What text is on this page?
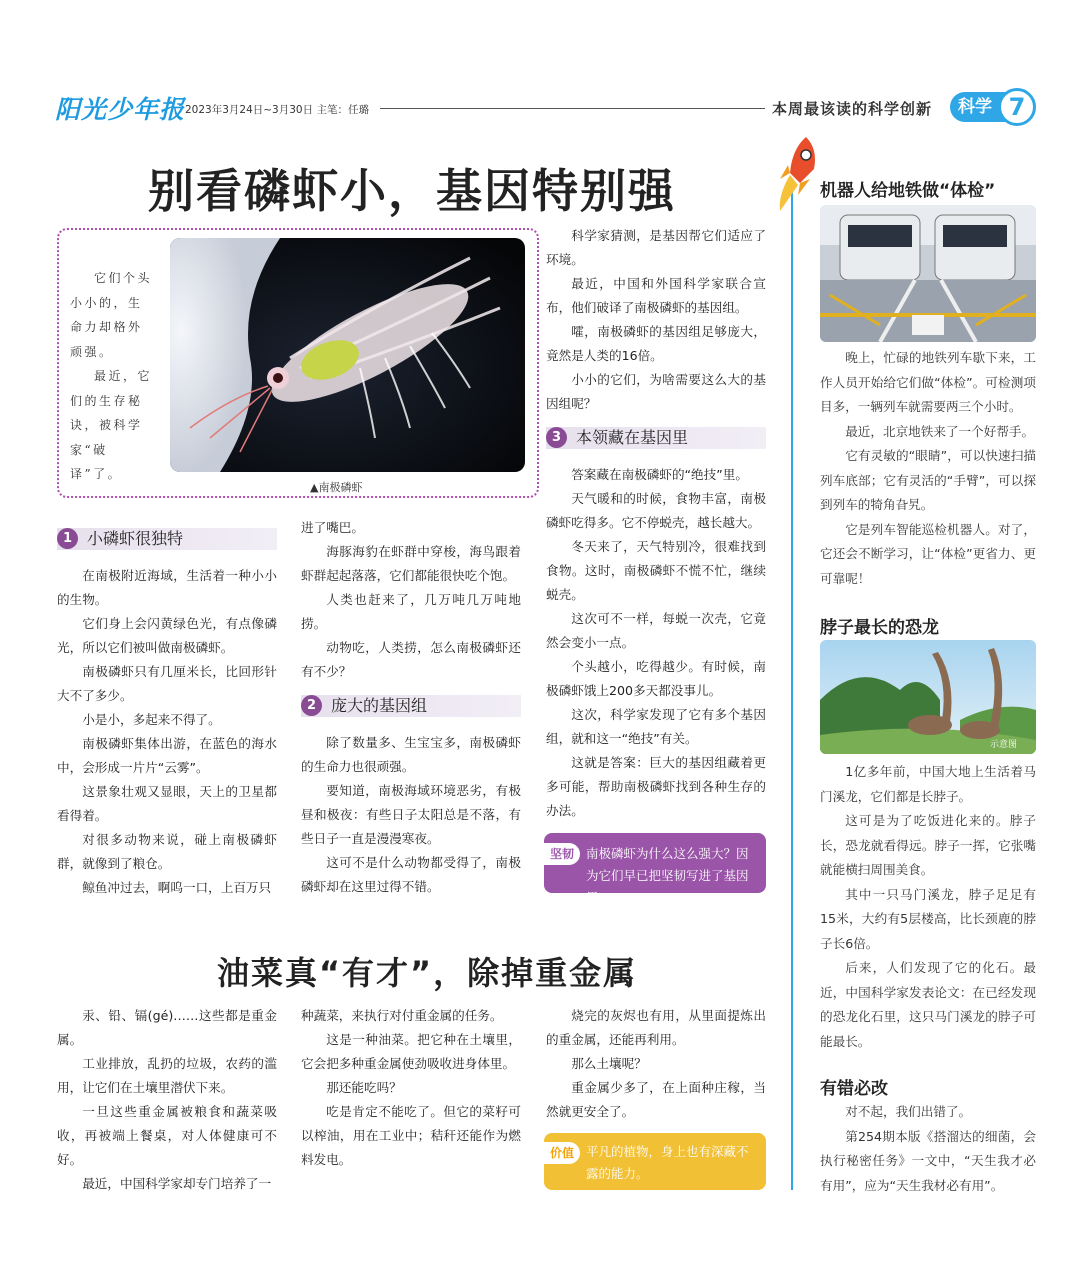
阳光少年报 2023年3月24日~3月30日 主笔：任璐	本周最该读的科学创新	科学 7
别看磷虾小，基因特别强

它们个头小小的，生命力却格外顽强。

最近，它们的生存秘诀，被科学家“破译”了。

▲南极磷虾
1 小磷虾很独特

在南极附近海域，生活着一种小小的生物。

它们身上会闪黄绿色光，有点像磷光，所以它们被叫做南极磷虾。

南极磷虾只有几厘米长，比回形针大不了多少。

小是小，多起来不得了。

南极磷虾集体出游，在蓝色的海水中，会形成一片片“云雾”。

这景象壮观又显眼，天上的卫星都看得着。

对很多动物来说，碰上南极磷虾群，就像到了粮仓。

鲸鱼冲过去，啊呜一口，上百万只

进了嘴巴。

海豚海豹在虾群中穿梭，海鸟跟着虾群起起落落，它们都能很快吃个饱。

人类也赶来了，几万吨几万吨地捞。

动物吃，人类捞，怎么南极磷虾还有不少？

2 庞大的基因组

除了数量多、生宝宝多，南极磷虾的生命力也很顽强。

要知道，南极海域环境恶劣，有极昼和极夜：有些日子太阳总是不落，有些日子一直是漫漫寒夜。

这可不是什么动物都受得了，南极磷虾却在这里过得不错。

科学家猜测，是基因帮它们适应了环境。

最近，中国和外国科学家联合宣布，他们破译了南极磷虾的基因组。

嚯，南极磷虾的基因组足够庞大，竟然是人类的16倍。

小小的它们，为啥需要这么大的基因组呢？

3 本领藏在基因里

答案藏在南极磷虾的“绝技”里。

天气暖和的时候，食物丰富，南极磷虾吃得多。它不停蜕壳，越长越大。

冬天来了，天气特别冷，很难找到食物。这时，南极磷虾不慌不忙，继续蜕壳。

这次可不一样，每蜕一次壳，它竟然会变小一点。

个头越小，吃得越少。有时候，南极磷虾饿上200多天都没事儿。

这次，科学家发现了它有多个基因组，就和这一“绝技”有关。

这就是答案：巨大的基因组藏着更多可能，帮助南极磷虾找到各种生存的办法。

坚韧 南极磷虾为什么这么强大？因为它们早已把坚韧写进了基因里。
油菜真“有才”，除掉重金属

汞、铅、镉(gé)……这些都是重金属。

工业排放，乱扔的垃圾，农药的滥用，让它们在土壤里潜伏下来。

一旦这些重金属被粮食和蔬菜吸收，再被端上餐桌，对人体健康可不好。

最近，中国科学家却专门培养了一

种蔬菜，来执行对付重金属的任务。

这是一种油菜。把它种在土壤里，它会把多种重金属使劲吸收进身体里。

那还能吃吗？

吃是肯定不能吃了。但它的菜籽可以榨油，用在工业中；秸秆还能作为燃料发电。

烧完的灰烬也有用，从里面提炼出的重金属，还能再利用。

那么土壤呢？

重金属少多了，在上面种庄稼，当然就更安全了。

价值 平凡的植物，身上也有深藏不露的能力。
机器人给地铁做“体检”

晚上，忙碌的地铁列车歇下来，工作人员开始给它们做“体检”。可检测项目多，一辆列车就需要两三个小时。

最近，北京地铁来了一个好帮手。

它有灵敏的“眼睛”，可以快速扫描列车底部；它有灵活的“手臂”，可以探到列车的犄角旮旯。

它是列车智能巡检机器人。对了，它还会不断学习，让“体检”更省力、更可靠呢！

脖子最长的恐龙
示意图

1亿多年前，中国大地上生活着马门溪龙，它们都是长脖子。

这可是为了吃饭进化来的。脖子长，恐龙就看得远。脖子一挥，它张嘴就能横扫周围美食。

其中一只马门溪龙，脖子足足有15米，大约有5层楼高，比长颈鹿的脖子长6倍。

后来，人们发现了它的化石。最近，中国科学家发表论文：在已经发现的恐龙化石里，这只马门溪龙的脖子可能最长。

有错必改

对不起，我们出错了。

第254期本版《搭溜达的细菌，会执行秘密任务》一文中，“天生我才必有用”，应为“天生我材必有用”。
